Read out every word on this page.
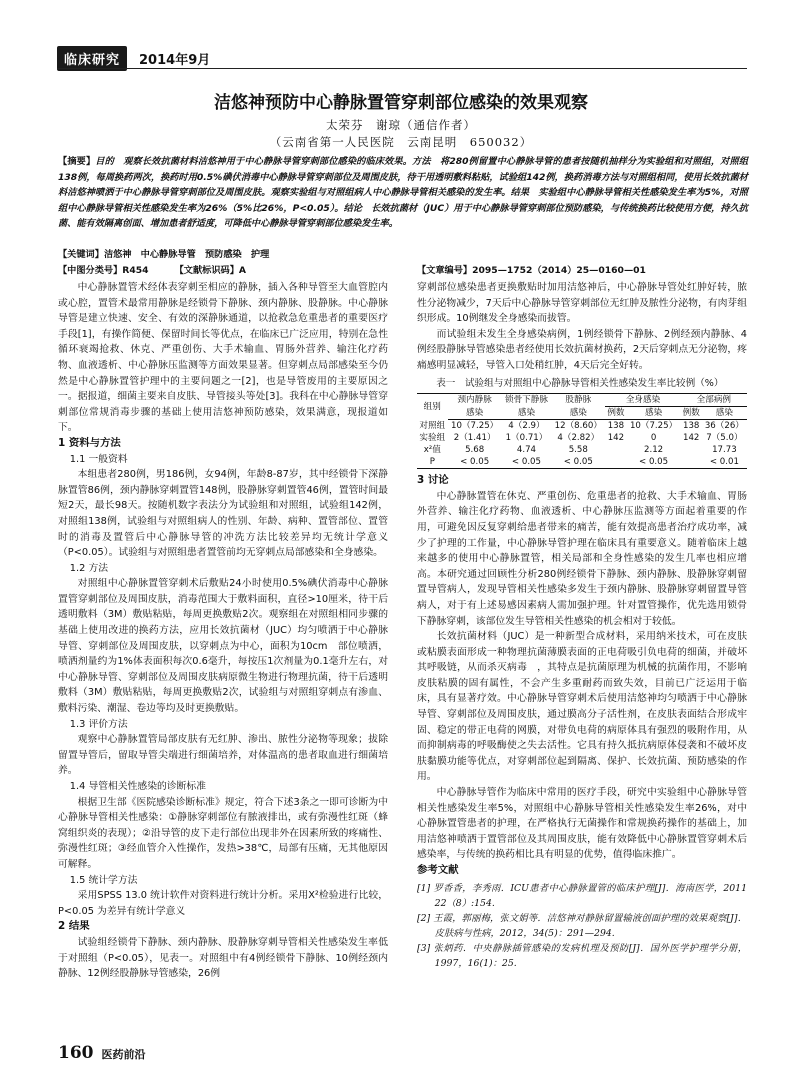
临床研究	2014年9月
洁悠神预防中心静脉置管穿刺部位感染的效果观察
太荣芬　谢琼（通信作者）
（云南省第一人民医院　云南昆明　650032）
【摘要】目的　观察长效抗菌材料洁悠神用于中心静脉导管穿刺部位感染的临床效果。方法　将280例留置中心静脉导管的患者按随机抽样分为实验组和对照组，对照组138例，每周换药两次，换药时用0.5%碘伏消毒中心静脉导管穿刺部位及周围皮肤，待干用透明敷料粘贴，试验组142例，换药消毒方法与对照组相同，使用长效抗菌材料洁悠神喷洒于中心静脉导管穿刺部位及周围皮肤。观察实验组与对照组病人中心静脉导管相关感染的发生率。结果　实验组中心静脉导管相关性感染发生率为5%，对照组中心静脉导管相关性感染发生率为26%（5%比26%，P<0.05）。结论　长效抗菌材（JUC）用于中心静脉导管穿刺部位预防感染，与传统换药比较使用方便，持久抗菌、能有效隔离创面、增加患者舒适度，可降低中心静脉导管穿刺部位感染发生率。
【关键词】洁悠神　中心静脉导管　预防感染　护理
【中图分类号】R454	【文献标识码】A	【文章编号】2095—1752（2014）25—0160—01

中心静脉置管术经体表穿刺至相应的静脉，插入各种导管至大血管腔内或心腔，置管术最常用静脉是经锁骨下静脉、颈内静脉、股静脉。中心静脉导管是建立快速、安全、有效的深静脉通道，以抢救急危重患者的重要医疗手段[1]，有操作简便、保留时间长等优点，在临床已广泛应用，特别在急性循环衰竭抢救、休克、严重创伤、大手术输血、胃肠外营养、输注化疗药物、血液透析、中心静脉压监测等方面效果显著。但穿刺点局部感染至今仍然是中心静脉置管护理中的主要问题之一[2]，也是导管废用的主要原因之一。据报道，细菌主要来自皮肤、导管接头等处[3]。我科在中心静脉导管穿刺部位常规消毒步骤的基础上使用洁悠神预防感染，效果满意，现报道如下。

1 资料与方法

1.1 一般资料

本组患者280例，男186例，女94例，年龄8-87岁，其中经锁骨下深静脉置管86例，颈内静脉穿刺置管148例，股静脉穿刺置管46例，置管时间最短2天，最长98天。按随机数字表法分为试验组和对照组，试验组142例，对照组138例，试验组与对照组病人的性别、年龄、病种、置管部位、置管时的消毒及置管后中心静脉导管的冲洗方法比较差异均无统计学意义（P<0.05）。试验组与对照组患者置管前均无穿刺点局部感染和全身感染。

1.2 方法

对照组中心静脉置管穿刺术后敷贴24小时使用0.5%碘伏消毒中心静脉置管穿刺部位及周围皮肤，消毒范围大于敷料面积，直径>10厘米，待干后透明敷料（3M）敷贴粘贴，每周更换敷贴2次。观察组在对照组相同步骤的基础上使用改进的换药方法，应用长效抗菌材（JUC）均匀喷洒于中心静脉导管、穿刺部位及周围皮肤，以穿刺点为中心，面积为10cm　部位喷洒，喷洒剂量约为1%体表面积每次0.6毫升，每按压1次剂量为0.1毫升左右，对中心静脉导管、穿刺部位及周围皮肤病原微生物进行物理抗菌，待干后透明敷料（3M）敷贴粘贴，每周更换敷贴2次，试验组与对照组穿刺点有渗血、敷料污染、潮湿、卷边等均及时更换敷贴。

1.3 评价方法

观察中心静脉置管局部皮肤有无红肿、渗出、脓性分泌物等现象；拔除留置导管后，留取导管尖端进行细菌培养，对体温高的患者取血进行细菌培养。

1.4 导管相关性感染的诊断标准

根据卫生部《医院感染诊断标准》规定，符合下述3条之一即可诊断为中心静脉导管相关性感染：①静脉穿刺部位有脓液排出，或有弥漫性红斑（蜂窝组织炎的表现）；②沿导管的皮下走行部位出现非外在因素所致的疼痛性、弥漫性红斑；③经血管介入性操作，发热>38℃，局部有压痛，无其他原因可解释。

1.5 统计学方法

采用SPSS 13.0 统计软件对资料进行统计分析。采用X²检验进行比较，P<0.05 为差异有统计学意义

2 结果

试验组经锁骨下静脉、颈内静脉、股静脉穿刺导管相关性感染发生率低于对照组（P<0.05），见表一。对照组中有4例经锁骨下静脉、10例经颈内静脉、12例经股静脉导管感染，26例

穿刺部位感染患者更换敷贴时加用洁悠神后，中心静脉导管处红肿好转，脓性分泌物减少，7天后中心静脉导管穿刺部位无红肿及脓性分泌物，有肉芽组织形成。10例继发全身感染而拔管。

而试验组未发生全身感染病例，1例经锁骨下静脉、2例经颈内静脉、4例经股静脉导管感染患者经使用长效抗菌材换药，2天后穿刺点无分泌物，疼痛感明显减轻，导管入口处稍红肿，4天后完全好转。

表一　试验组与对照组中心静脉导管相关性感染发生率比较例（%）

组别	颈内静脉	锁骨下静脉	股静脉	全身感染		全部病例	
	感染	感染	感染	例数	感染	例数	感染
对照组	10（7.25）	4（2.9）	12（8.60）	138	10（7.25）	138	36（26）
实验组	2（1.41）	1（0.71）	4（2.82）	142	0	142	7（5.0）
x²值	5.68	4.74	5.58		2.12		17.73
P	< 0.05	< 0.05	< 0.05		< 0.05		< 0.01

3 讨论

中心静脉置管在休克、严重创伤、危重患者的抢救、大手术输血、胃肠外营养、输注化疗药物、血液透析、中心静脉压监测等方面起着重要的作用，可避免因反复穿刺给患者带来的痛苦，能有效提高患者治疗成功率，减少了护理的工作量，中心静脉导管护理在临床具有重要意义。随着临床上越来越多的使用中心静脉置管，相关局部和全身性感染的发生几率也相应增高。本研究通过回顾性分析280例经锁骨下静脉、颈内静脉、股静脉穿刺留置导管病人，发现导管相关性感染多发生于颈内静脉、股静脉穿刺留置导管病人，对于有上述易感因素病人需加强护理。针对置管操作，优先选用锁骨下静脉穿刺，该部位发生导管相关性感染的机会相对于较低。

长效抗菌材料（JUC）是一种新型合成材料，采用纳米技术，可在皮肤或粘膜表面形成一种物理抗菌薄膜表面的正电荷吸引负电荷的细菌，并破坏其呼吸链，从而杀灭病毒　，其特点是抗菌原理为机械的抗菌作用，不影响皮肤粘膜的固有属性，不会产生多重耐药而致失效，目前已广泛运用于临床，具有显著疗效。中心静脉导管穿刺术后使用洁悠神均匀喷洒于中心静脉导管、穿刺部位及周围皮肤，通过膜高分子活性剂，在皮肤表面结合形成牢固、稳定的带正电荷的网膜，对带负电荷的病原体具有强烈的吸附作用，从而抑制病毒的呼吸酶使之失去活性。它具有持久抵抗病原体侵袭和不破坏皮肤黏膜功能等优点，对穿刺部位起到隔离、保护、长效抗菌、预防感染的作用。

中心静脉导管作为临床中常用的医疗手段，研究中实验组中心静脉导管相关性感染发生率5%，对照组中心静脉导管相关性感染发生率26%，对中心静脉置管患者的护理，在严格执行无菌操作和常规换药操作的基础上，加用洁悠神喷洒于置管部位及其周围皮肤，能有效降低中心静脉置管穿刺术后感染率，与传统的换药相比具有明显的优势，值得临床推广。

参考文献

[1] 罗香香，李秀雨．ICU患者中心静脉置管的临床护理[J]．海南医学，2011　22（8）:154.

[2] 王霞，郭丽梅，张文娟等．洁悠神对静脉留置输液创面护理的效果观察[J]．皮肤病与性病，2012，34(5)：291—294.

[3] 张炳药．中央静脉插管感染的发病机理及预防[J]．国外医学护理学分册，1997，16(1)：25.

160 医药前沿
